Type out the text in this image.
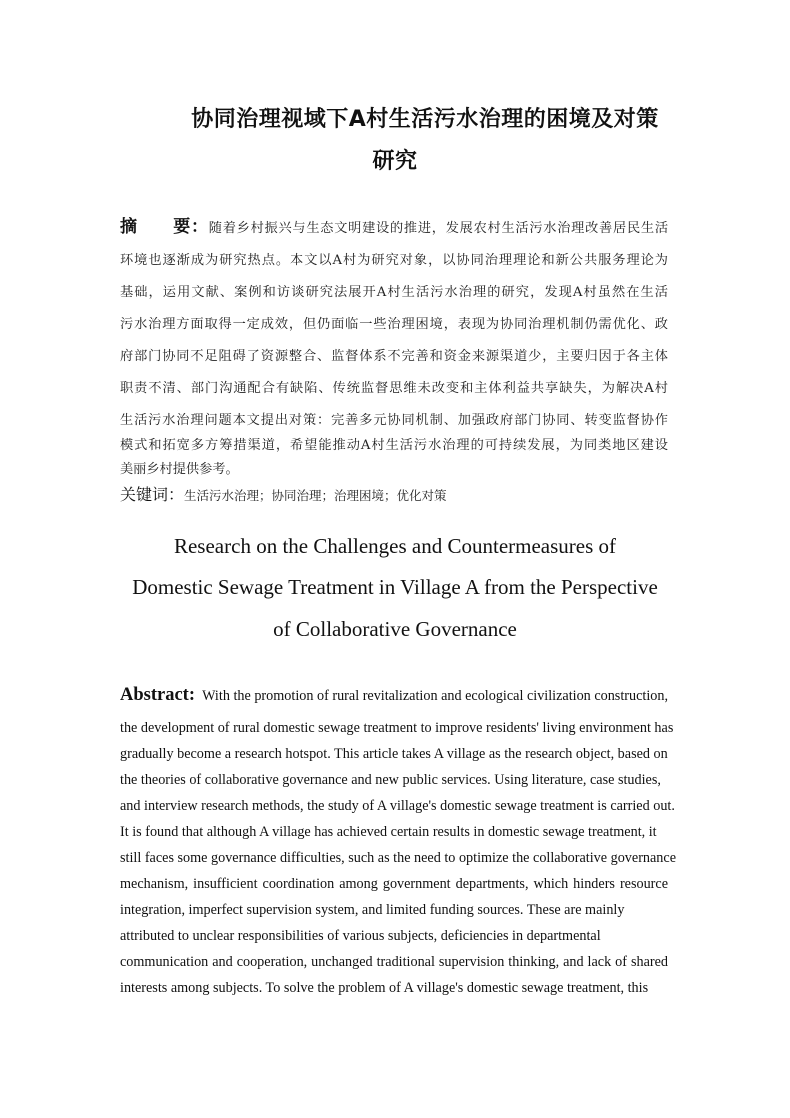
协同治理视域下A村生活污水治理的困境及对策
研究
摘　　要：随着乡村振兴与生态文明建设的推进，发展农村生活污水治理改善居民生活
环境也逐渐成为研究热点。本文以A村为研究对象，以协同治理理论和新公共服务理论为
基础，运用文献、案例和访谈研究法展开A村生活污水治理的研究，发现A村虽然在生活
污水治理方面取得一定成效，但仍面临一些治理困境，表现为协同治理机制仍需优化、政
府部门协同不足阻碍了资源整合、监督体系不完善和资金来源渠道少，主要归因于各主体
职责不清、部门沟通配合有缺陷、传统监督思维未改变和主体利益共享缺失，为解决A村
生活污水治理问题本文提出对策：完善多元协同机制、加强政府部门协同、转变监督协作
模式和拓宽多方筹措渠道，希望能推动A村生活污水治理的可持续发展，为同类地区建设
美丽乡村提供参考。
关键词：生活污水治理；协同治理；治理困境；优化对策
Research on the Challenges and Countermeasures of
Domestic Sewage Treatment in Village A from the Perspective
of Collaborative Governance
Abstract: With the promotion of rural revitalization and ecological civilization construction,
the development of rural domestic sewage treatment to improve residents' living environment has
gradually become a research hotspot. This article takes A village as the research object, based on
the theories of collaborative governance and new public services. Using literature, case studies,
and interview research methods, the study of A village's domestic sewage treatment is carried out.
It is found that although A village has achieved certain results in domestic sewage treatment, it
still faces some governance difficulties, such as the need to optimize the collaborative governance
mechanism, insufficient coordination among government departments, which hinders resource
integration, imperfect supervision system, and limited funding sources. These are mainly
attributed to unclear responsibilities of various subjects, deficiencies in departmental
communication and cooperation, unchanged traditional supervision thinking, and lack of shared
interests among subjects. To solve the problem of A village's domestic sewage treatment, this
